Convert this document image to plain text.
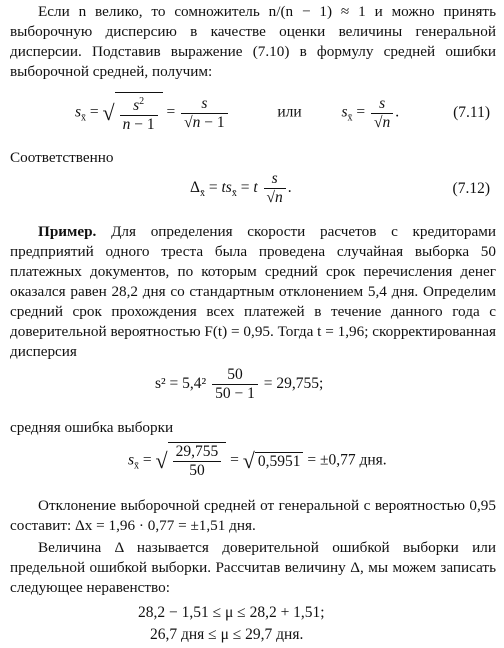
Если n велико, то сомножитель n/(n − 1) ≈ 1 и можно принять выборочную дисперсию в качестве оценки величины генеральной дисперсии. Подставив выражение (7.10) в формулу средней ошибки выборочной средней, получим:

$s_{x̄}$ = √ $\frac{s^2}{n - 1} = \frac{s}{√n - 1}$	или	$s_{x̄} = \frac{s}{√n}$ .	(7.11)

Соответственно

$\Delta_{x̄} = ts_{x̄} = t \frac{s}{√n}$ .	(7.12)

Пример. Для определения скорости расчетов с кредиторами предприятий одного треста была проведена случайная выборка 50 платежных документов, по которым средний срок перечисления денег оказался равен 28,2 дня со стандартным отклонением 5,4 дня. Определим средний срок прохождения всех платежей в течение данного года с доверительной вероятностью F(t) = 0,95. Тогда t = 1,96; скорректированная дисперсия

$s^2 = 5,4^2 \frac{50}{50 - 1} = 29,755$;

средняя ошибка выборки

$s_{x̄}$ = √ $\frac{29,755}{50}$ = √ 0,5951 = ±0,77 дня.

Отклонение выборочной средней от генеральной с вероятностью 0,95 составит: Δx = 1,96 · 0,77 = ±1,51 дня.

Величина Δ называется доверительной ошибкой выборки или предельной ошибкой выборки. Рассчитав величину Δ, мы можем записать следующее неравенство:

28,2 − 1,51 ≤ μ ≤ 28,2 + 1,51;
26,7 дня ≤ μ ≤ 29,7 дня.
